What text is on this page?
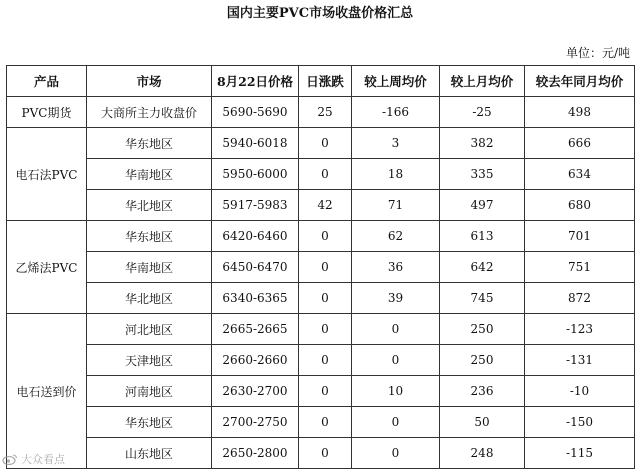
国内主要PVC市场收盘价格汇总
单位：元/吨
产品	市场	8月22日价格	日涨跌	较上周均价	较上月均价	较去年同月均价
PVC期货	大商所主力收盘价	5690-5690	25	-166	-25	498
电石法PVC	华东地区	5940-6018	0	3	382	666
	华南地区	5950-6000	0	18	335	634
	华北地区	5917-5983	42	71	497	680
乙烯法PVC	华东地区	6420-6460	0	62	613	701
	华南地区	6450-6470	0	36	642	751
	华北地区	6340-6365	0	39	745	872
电石送到价	河北地区	2665-2665	0	0	250	-123
	天津地区	2660-2660	0	0	250	-131
	河南地区	2630-2700	0	10	236	-10
	华东地区	2700-2750	0	0	50	-150
	山东地区	2650-2800	0	0	248	-115
大众看点
